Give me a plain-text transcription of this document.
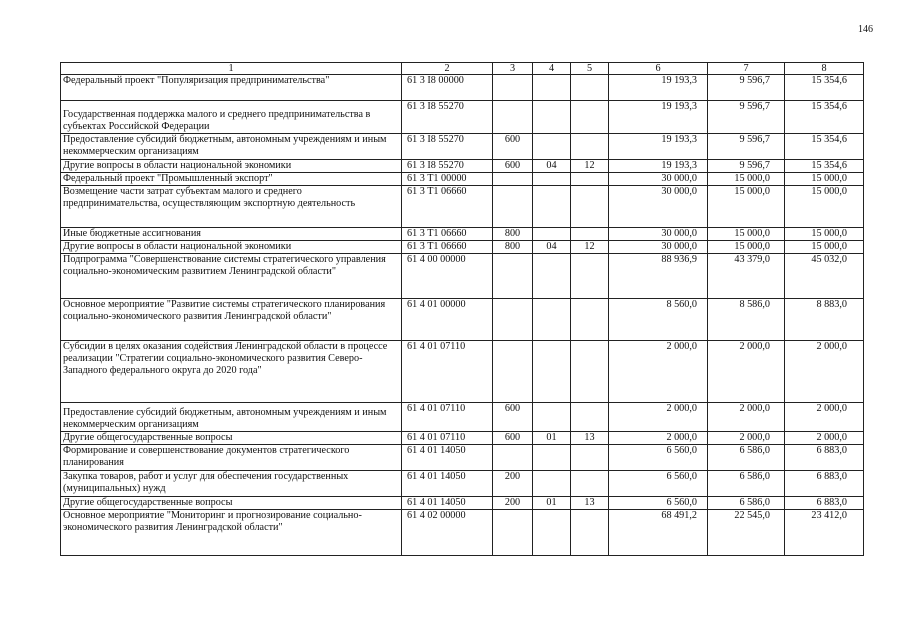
146
1	2	3	4	5	6	7	8
Федеральный проект "Популяризация предпринимательства"	61 3 I8 00000				19 193,3	9 596,7	15 354,6
Государственная поддержка малого и среднего предпринимательства в субъектах Российской Федерации	61 3 I8 55270				19 193,3	9 596,7	15 354,6
Предоставление субсидий бюджетным, автономным учреждениям и иным некоммерческим организациям	61 3 I8 55270	600			19 193,3	9 596,7	15 354,6
Другие вопросы в области национальной экономики	61 3 I8 55270	600	04	12	19 193,3	9 596,7	15 354,6
Федеральный проект "Промышленный экспорт"	61 3 T1 00000				30 000,0	15 000,0	15 000,0
Возмещение части затрат субъектам малого и среднего предпринимательства, осуществляющим экспортную деятельность	61 3 T1 06660				30 000,0	15 000,0	15 000,0
Иные бюджетные ассигнования	61 3 T1 06660	800			30 000,0	15 000,0	15 000,0
Другие вопросы в области национальной экономики	61 3 T1 06660	800	04	12	30 000,0	15 000,0	15 000,0
Подпрограмма "Совершенствование системы стратегического управления социально-экономическим развитием Ленинградской области"	61 4 00 00000				88 936,9	43 379,0	45 032,0
Основное мероприятие "Развитие системы стратегического планирования социально-экономического развития Ленинградской области"	61 4 01 00000				8 560,0	8 586,0	8 883,0
Субсидии в целях оказания содействия Ленинградской области в процессе реализации "Стратегии социально-экономического развития Северо-Западного федерального округа до 2020 года"	61 4 01 07110				2 000,0	2 000,0	2 000,0
Предоставление субсидий бюджетным, автономным учреждениям и иным некоммерческим организациям	61 4 01 07110	600			2 000,0	2 000,0	2 000,0
Другие общегосударственные вопросы	61 4 01 07110	600	01	13	2 000,0	2 000,0	2 000,0
Формирование и совершенствование документов стратегического планирования	61 4 01 14050				6 560,0	6 586,0	6 883,0
Закупка товаров, работ и услуг для обеспечения государственных (муниципальных) нужд	61 4 01 14050	200			6 560,0	6 586,0	6 883,0
Другие общегосударственные вопросы	61 4 01 14050	200	01	13	6 560,0	6 586,0	6 883,0
Основное мероприятие "Мониторинг и прогнозирование социально-экономического развития Ленинградской области"	61 4 02 00000				68 491,2	22 545,0	23 412,0
